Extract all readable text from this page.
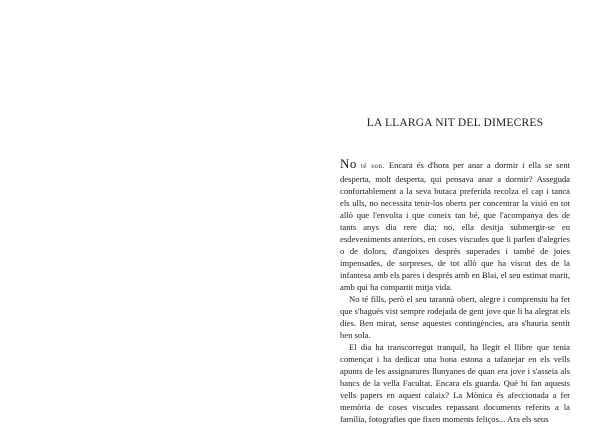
LA LLARGA NIT DEL DIMECRES

No té son. Encara és d'hora per anar a dormir i ella se sent desperta, molt desperta, qui pensava anar a dormir? Asseguda confortablement a la seva butaca preferida recolza el cap i tanca els ulls, no necessita tenir-los oberts per concentrar la visió en tot allò que l'envolta i que coneix tan bé, que l'acompanya des de tants anys dia rere dia; no, ella desitja submergir-se en esdeveniments anteriors, en coses viscudes que li parlen d'alegries o de dolors, d'angoixes després superades i també de joies impensades, de sorpreses, de tot allò que ha viscut des de la infantesa amb els pares i després amb en Blai, el seu estimat marit, amb qui ha compartit mitja vida.

No té fills, però el seu tarannà obert, alegre i comprensiu ha fet que s'hagués vist sempre rodejada de gent jove que li ha alegrat els dies. Ben mirat, sense aquestes contingències, ara s'hauria sentit ben sola.

El dia ha transcorregut tranquil, ha llegit el llibre que tenia començat i ha dedicat una bona estona a tafanejar en els vells apunts de les assignatures llunyanes de quan era jove i s'asseia als bancs de la vella Facultat. Encara els guarda. Què hi fan aquests vells papers en aquest calaix? La Mònica és afeccionada a fer memòria de coses viscudes repassant documents referits a la família, fotografies que fixen moments feliços... Ara els seus
